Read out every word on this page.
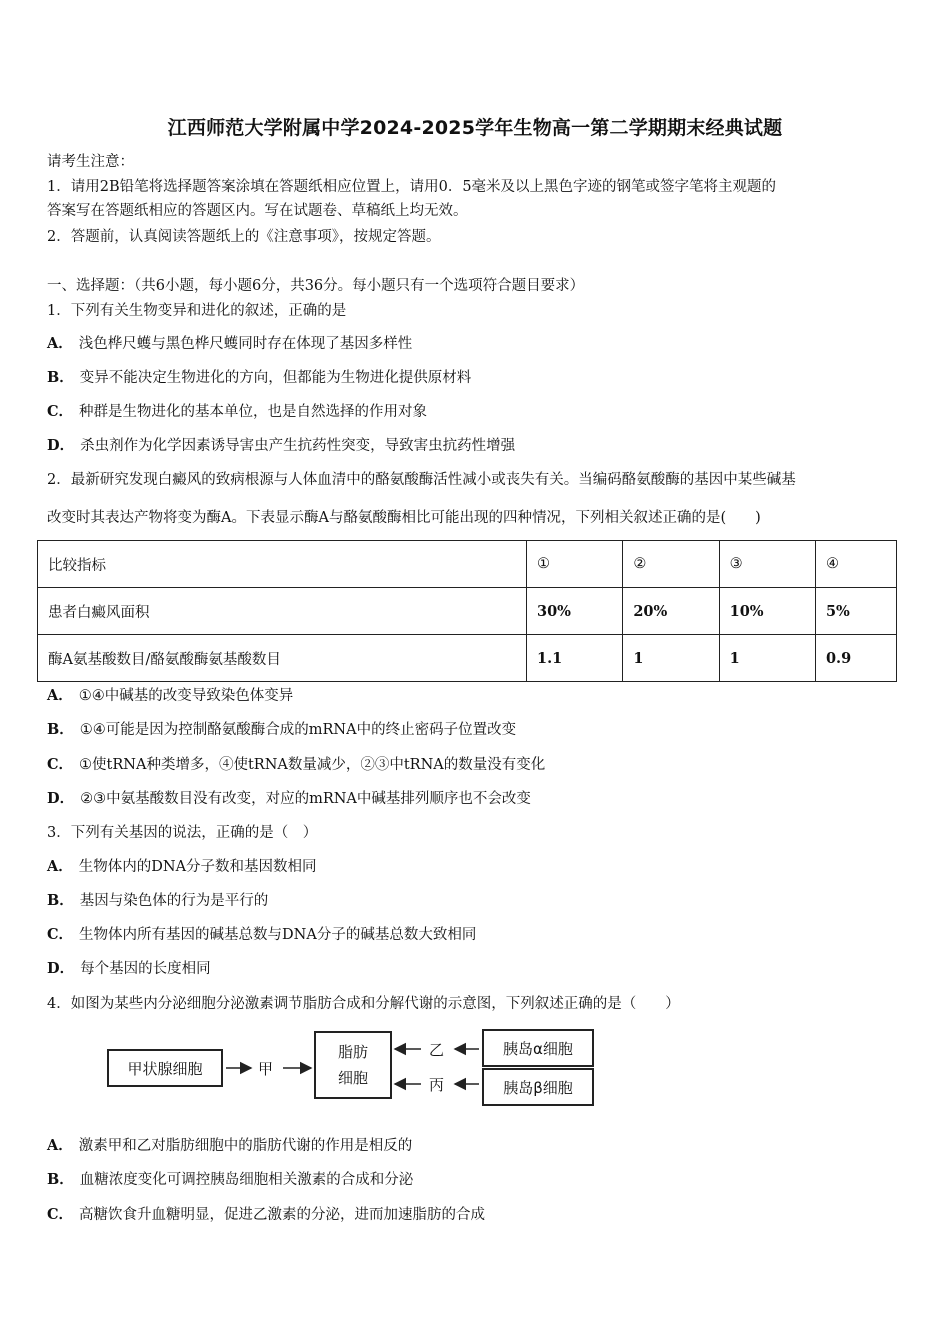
江西师范大学附属中学2024-2025学年生物高一第二学期期末经典试题
请考生注意：
1．请用2B铅笔将选择题答案涂填在答题纸相应位置上，请用0．5毫米及以上黑色字迹的钢笔或签字笔将主观题的
答案写在答题纸相应的答题区内。写在试题卷、草稿纸上均无效。
2．答题前，认真阅读答题纸上的《注意事项》，按规定答题。
一、选择题：（共6小题，每小题6分，共36分。每小题只有一个选项符合题目要求）
1．下列有关生物变异和进化的叙述，正确的是
A． 浅色桦尺蠖与黑色桦尺蠖同时存在体现了基因多样性
B． 变异不能决定生物进化的方向，但都能为生物进化提供原材料
C． 种群是生物进化的基本单位，也是自然选择的作用对象
D． 杀虫剂作为化学因素诱导害虫产生抗药性突变，导致害虫抗药性增强
2．最新研究发现白癜风的致病根源与人体血清中的酪氨酸酶活性减小或丧失有关。当编码酪氨酸酶的基因中某些碱基
改变时其表达产物将变为酶A。下表显示酶A与酪氨酸酶相比可能出现的四种情况，下列相关叙述正确的是(　　)
比较指标	①	②	③	④
患者白癜风面积	30%	20%	10%	5%
酶A氨基酸数目/酪氨酸酶氨基酸数目	1.1	1	1	0.9
A． ①④中碱基的改变导致染色体变异
B． ①④可能是因为控制酪氨酸酶合成的mRNA中的终止密码子位置改变
C． ①使tRNA种类增多，④使tRNA数量减少，②③中tRNA的数量没有变化
D． ②③中氨基酸数目没有改变，对应的mRNA中碱基排列顺序也不会改变
3．下列有关基因的说法，正确的是（　）
A． 生物体内的DNA分子数和基因数相同
B． 基因与染色体的行为是平行的
C． 生物体内所有基因的碱基总数与DNA分子的碱基总数大致相同
D． 每个基因的长度相同
4．如图为某些内分泌细胞分泌激素调节脂肪合成和分解代谢的示意图，下列叙述正确的是（　　）
甲状腺细胞	甲
脂肪
细胞
乙
丙
胰岛α细胞
胰岛β细胞
A． 激素甲和乙对脂肪细胞中的脂肪代谢的作用是相反的
B． 血糖浓度变化可调控胰岛细胞相关激素的合成和分泌
C． 高糖饮食升血糖明显，促进乙激素的分泌，进而加速脂肪的合成
